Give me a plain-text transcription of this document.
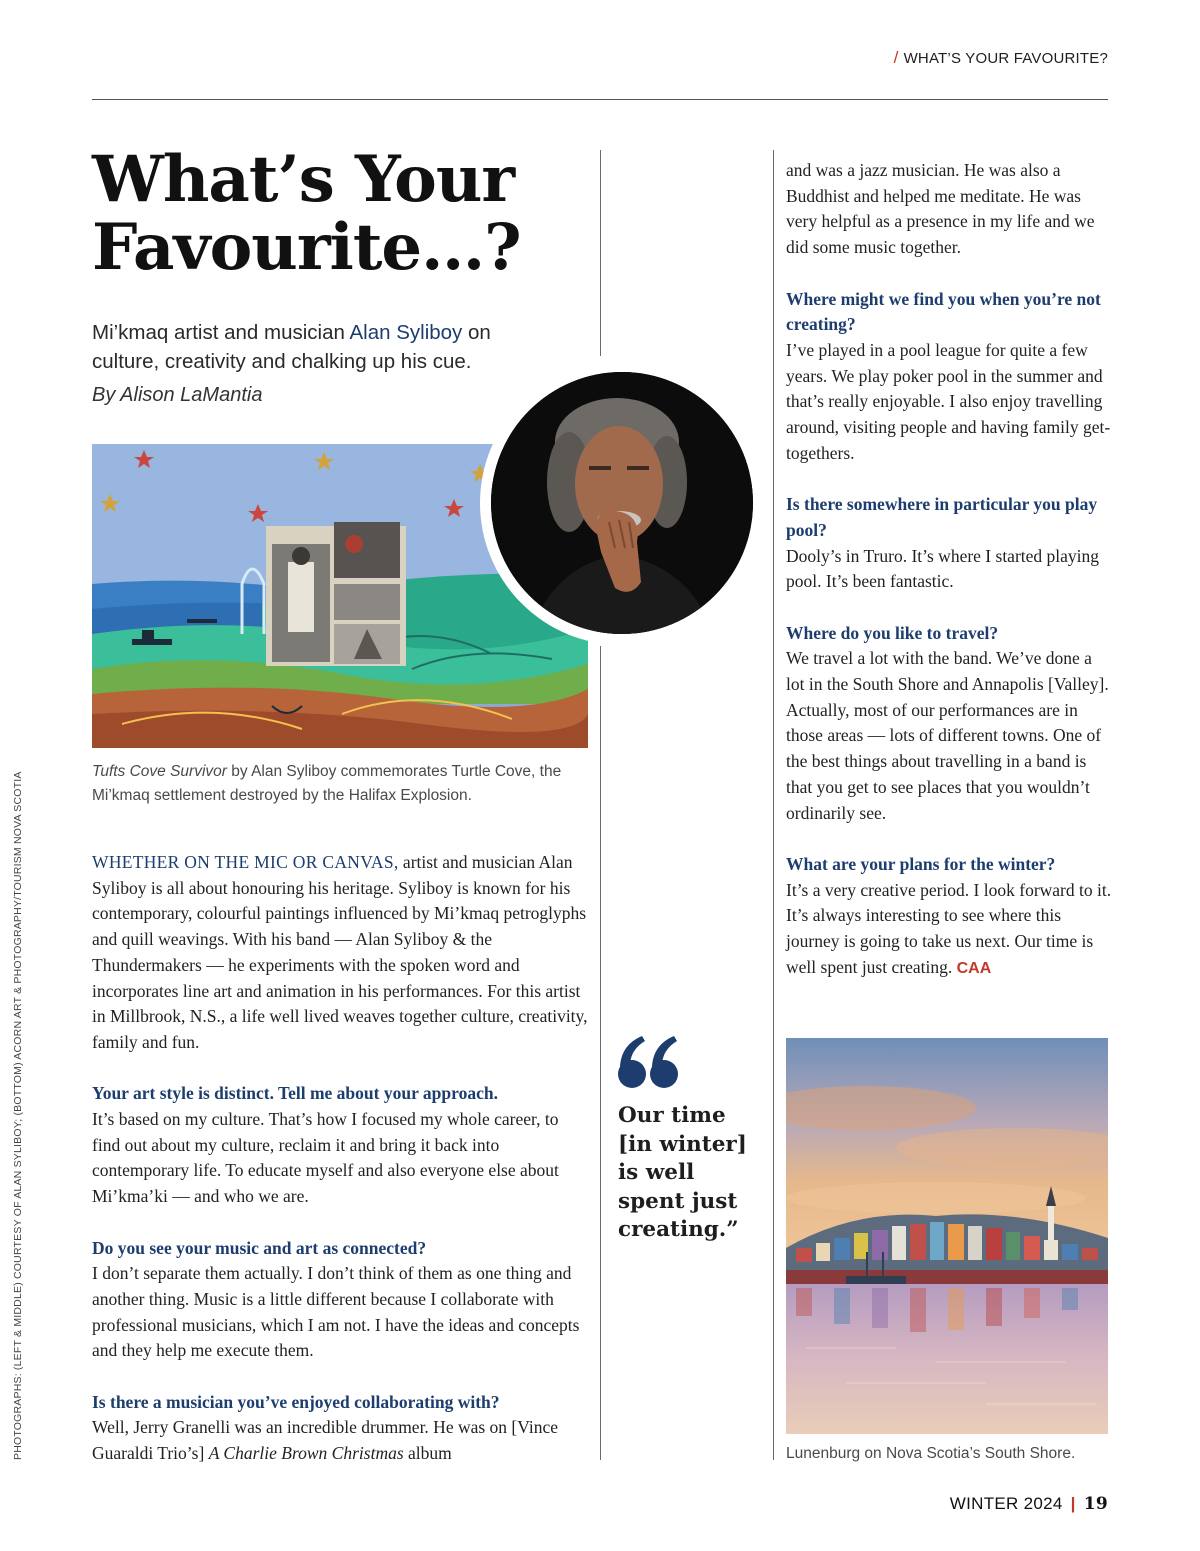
/ WHAT’S YOUR FAVOURITE?
What’s Your
Favourite…?
Mi’kmaq artist and musician Alan Syliboy on culture, creativity and chalking up his cue.
By Alison LaMantia
Tufts Cove Survivor by Alan Syliboy commemorates Turtle Cove, the Mi’kmaq settlement destroyed by the Halifax Explosion.

WHETHER ON THE MIC OR CANVAS, artist and musician Alan Syliboy is all about honouring his heritage. Syliboy is known for his contemporary, colourful paintings influenced by Mi’kmaq petroglyphs and quill weavings. With his band — Alan Syliboy & the Thundermakers — he experiments with the spoken word and incorporates line art and animation in his performances. For this artist in Millbrook, N.S., a life well lived weaves together culture, creativity, family and fun.

Your art style is distinct. Tell me about your approach.
It’s based on my culture. That’s how I focused my whole career, to find out about my culture, reclaim it and bring it back into contemporary life. To educate myself and also everyone else about Mi’kma’ki — and who we are.

Do you see your music and art as connected?
I don’t separate them actually. I don’t think of them as one thing and another thing. Music is a little different because I collaborate with professional musicians, which I am not. I have the ideas and concepts and they help me execute them.

Is there a musician you’ve enjoyed collaborating with?
Well, Jerry Granelli was an incredible drummer. He was on [Vince Guaraldi Trio’s] A Charlie Brown Christmas album

Our time [in winter] is well spent just creating.”

and was a jazz musician. He was also a Buddhist and helped me meditate. He was very helpful as a presence in my life and we did some music together.

Where might we find you when you’re not creating?
I’ve played in a pool league for quite a few years. We play poker pool in the summer and that’s really enjoyable. I also enjoy travelling around, visiting people and having family get-togethers.

Is there somewhere in particular you play pool?
Dooly’s in Truro. It’s where I started playing pool. It’s been fantastic.

Where do you like to travel?
We travel a lot with the band. We’ve done a lot in the South Shore and Annapolis [Valley]. Actually, most of our performances are in those areas — lots of different towns. One of the best things about travelling in a band is that you get to see places that you wouldn’t ordinarily see.

What are your plans for the winter?
It’s a very creative period. I look forward to it. It’s always interesting to see where this journey is going to take us next. Our time is well spent just creating. CAA

Lunenburg on Nova Scotia’s South Shore.
PHOTOGRAPHS: (LEFT & MIDDLE) COURTESY OF ALAN SYLIBOY; (BOTTOM) ACORN ART & PHOTOGRAPHY/TOURISM NOVA SCOTIA
WINTER 2024 | 19
